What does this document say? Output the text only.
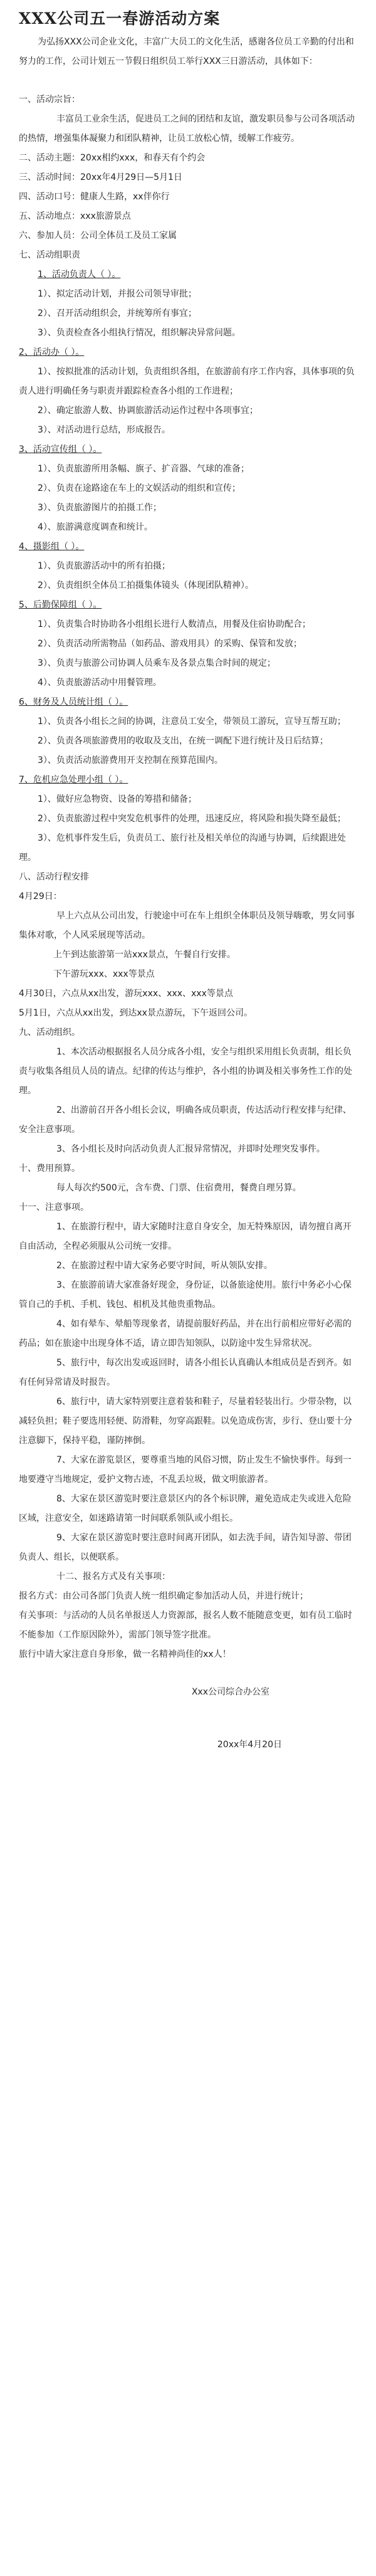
XXX公司五一春游活动方案

为弘扬XXX公司企业文化，丰富广大员工的文化生活，感谢各位员工辛勤的付出和努力的工作，公司计划五一节假日组织员工举行XXX三日游活动，具体如下：

一、活动宗旨：

丰富员工业余生活，促进员工之间的团结和友谊，激发职员参与公司各项活动的热情，增强集体凝聚力和团队精神，让员工放松心情，缓解工作疲劳。

二、活动主题：20xx相约xxx，和春天有个约会

三、活动时间：20xx年4月29日—5月1日

四、活动口号：健康人生路，xx伴你行

五、活动地点：xxx旅游景点

六、参加人员：公司全体员工及员工家属

七、活动组职责

1、活动负责人（ ）。

1）、拟定活动计划，并报公司领导审批；

2）、召开活动组织会，并统筹所有事宜；

3）、负责检查各小组执行情况，组织解决异常问题。

2、活动办（ ）。

1）、按拟批准的活动计划，负责组织各组，在旅游前有序工作内容，具体事项的负责人进行明确任务与职责并跟踪检查各小组的工作进程；

2）、确定旅游人数、协调旅游活动运作过程中各项事宜；

3）、对活动进行总结，形成报告。

3、活动宣传组（ ）。

1）、负责旅游所用条幅、旗子、扩音器、气球的准备；

2）、负责在途路途在车上的文娱活动的组织和宣传；

3）、负责旅游图片的拍摄工作；

4）、旅游满意度调查和统计。

4、摄影组（ ）。

1）、负责旅游活动中的所有拍摄；

2）、负责组织全体员工拍摄集体镜头（体现团队精神）。

5、后勤保障组（ ）。

1）、负责集合时协助各小组组长进行人数清点，用餐及住宿协助配合；

2）、负责活动所需物品（如药品、游戏用具）的采购、保管和发放；

3）、负责与旅游公司协调人员乘车及各景点集合时间的规定；

4）、负责旅游活动中用餐管理。

6、财务及人员统计组（ ）。

1）、负责各小组长之间的协调，注意员工安全，带领员工游玩，宣导互帮互助；

2）、负责各项旅游费用的收取及支出，在统一调配下进行统计及日后结算；

3）、负责活动旅游费用开支控制在预算范围内。

7、危机应急处理小组（ ）。

1）、做好应急物资、设备的筹措和储备；

2）、负责旅游过程中突发危机事件的处理，迅速反应，将风险和损失降至最低；

3）、危机事件发生后，负责员工、旅行社及相关单位的沟通与协调，后续跟进处理。

八、活动行程安排

4月29日：

早上六点从公司出发，行驶途中可在车上组织全体职员及领导嗨歌，男女同事集体对歌，个人风采展现等活动。

上午到达旅游第一站xxx景点，午餐自行安排。

下午游玩xxx、xxx等景点

4月30日，六点从xx出发，游玩xxx、xxx、xxx等景点

5月1日，六点从xx出发，到达xx景点游玩，下午返回公司。

九、活动组织。

1、本次活动根据报名人员分成各小组，安全与组织采用组长负责制，组长负责与收集各组员人员的请点。纪律的传达与维护，各小组的协调及相关事务性工作的处理。

2、出游前召开各小组长会议，明确各成员职责，传达活动行程安排与纪律、安全注意事项。

3、各小组长及时向活动负责人汇报异常情况，并即时处理突发事件。

十、费用预算。

每人每次约500元，含车费、门票、住宿费用，餐费自理另算。

十一、注意事项。

1、在旅游行程中，请大家随时注意自身安全，加无特殊原因，请勿擅自离开自由活动，全程必须服从公司统一安排。

2、在旅游过程中请大家务必要守时间，听从领队安排。

3、在旅游前请大家准备好现金，身份证，以备旅途使用。旅行中务必小心保管自己的手机、手机、钱包、相机及其他贵重物品。

4、如有晕车、晕船等现象者，请提前服好药品，并在出行前相应带好必需的药品；如在旅途中出现身体不适，请立即告知领队，以防途中发生异常状况。

5、旅行中，每次出发或返回时，请各小组长认真确认本组成员是否到齐。如有任何异常请及时报告。

6、旅行中，请大家特别要注意着装和鞋子，尽量着轻装出行。少带杂物，以减轻负担；鞋子要选用轻便、防滑鞋，勿穿高跟鞋。以免造成伤害，步行、登山要十分注意脚下，保持平稳，谨防摔倒。

7、大家在游览景区，要尊重当地的风俗习惯，防止发生不愉快事件。每到一地要遵守当地规定，爱护文物古迹，不乱丢垃圾，做文明旅游者。

8、大家在景区游览时要注意景区内的各个标识牌，避免造成走失或进入危险区域，注意安全，如迷路请第一时间联系领队或小组长。

9、大家在景区游览时要注意时间离开团队，如去洗手间，请告知导游、带团负责人、组长，以便联系。

十二、报名方式及有关事项：

报名方式：由公司各部门负责人统一组织确定参加活动人员，并进行统计；

有关事项：与活动的人员名单报送人力资源部，报名人数不能随意变更，如有员工临时不能参加（工作原因除外），需部门领导签字批准。

旅行中请大家注意自身形象，做一名精神尚佳的xx人！

Xxx公司综合办公室

20xx年4月20日
